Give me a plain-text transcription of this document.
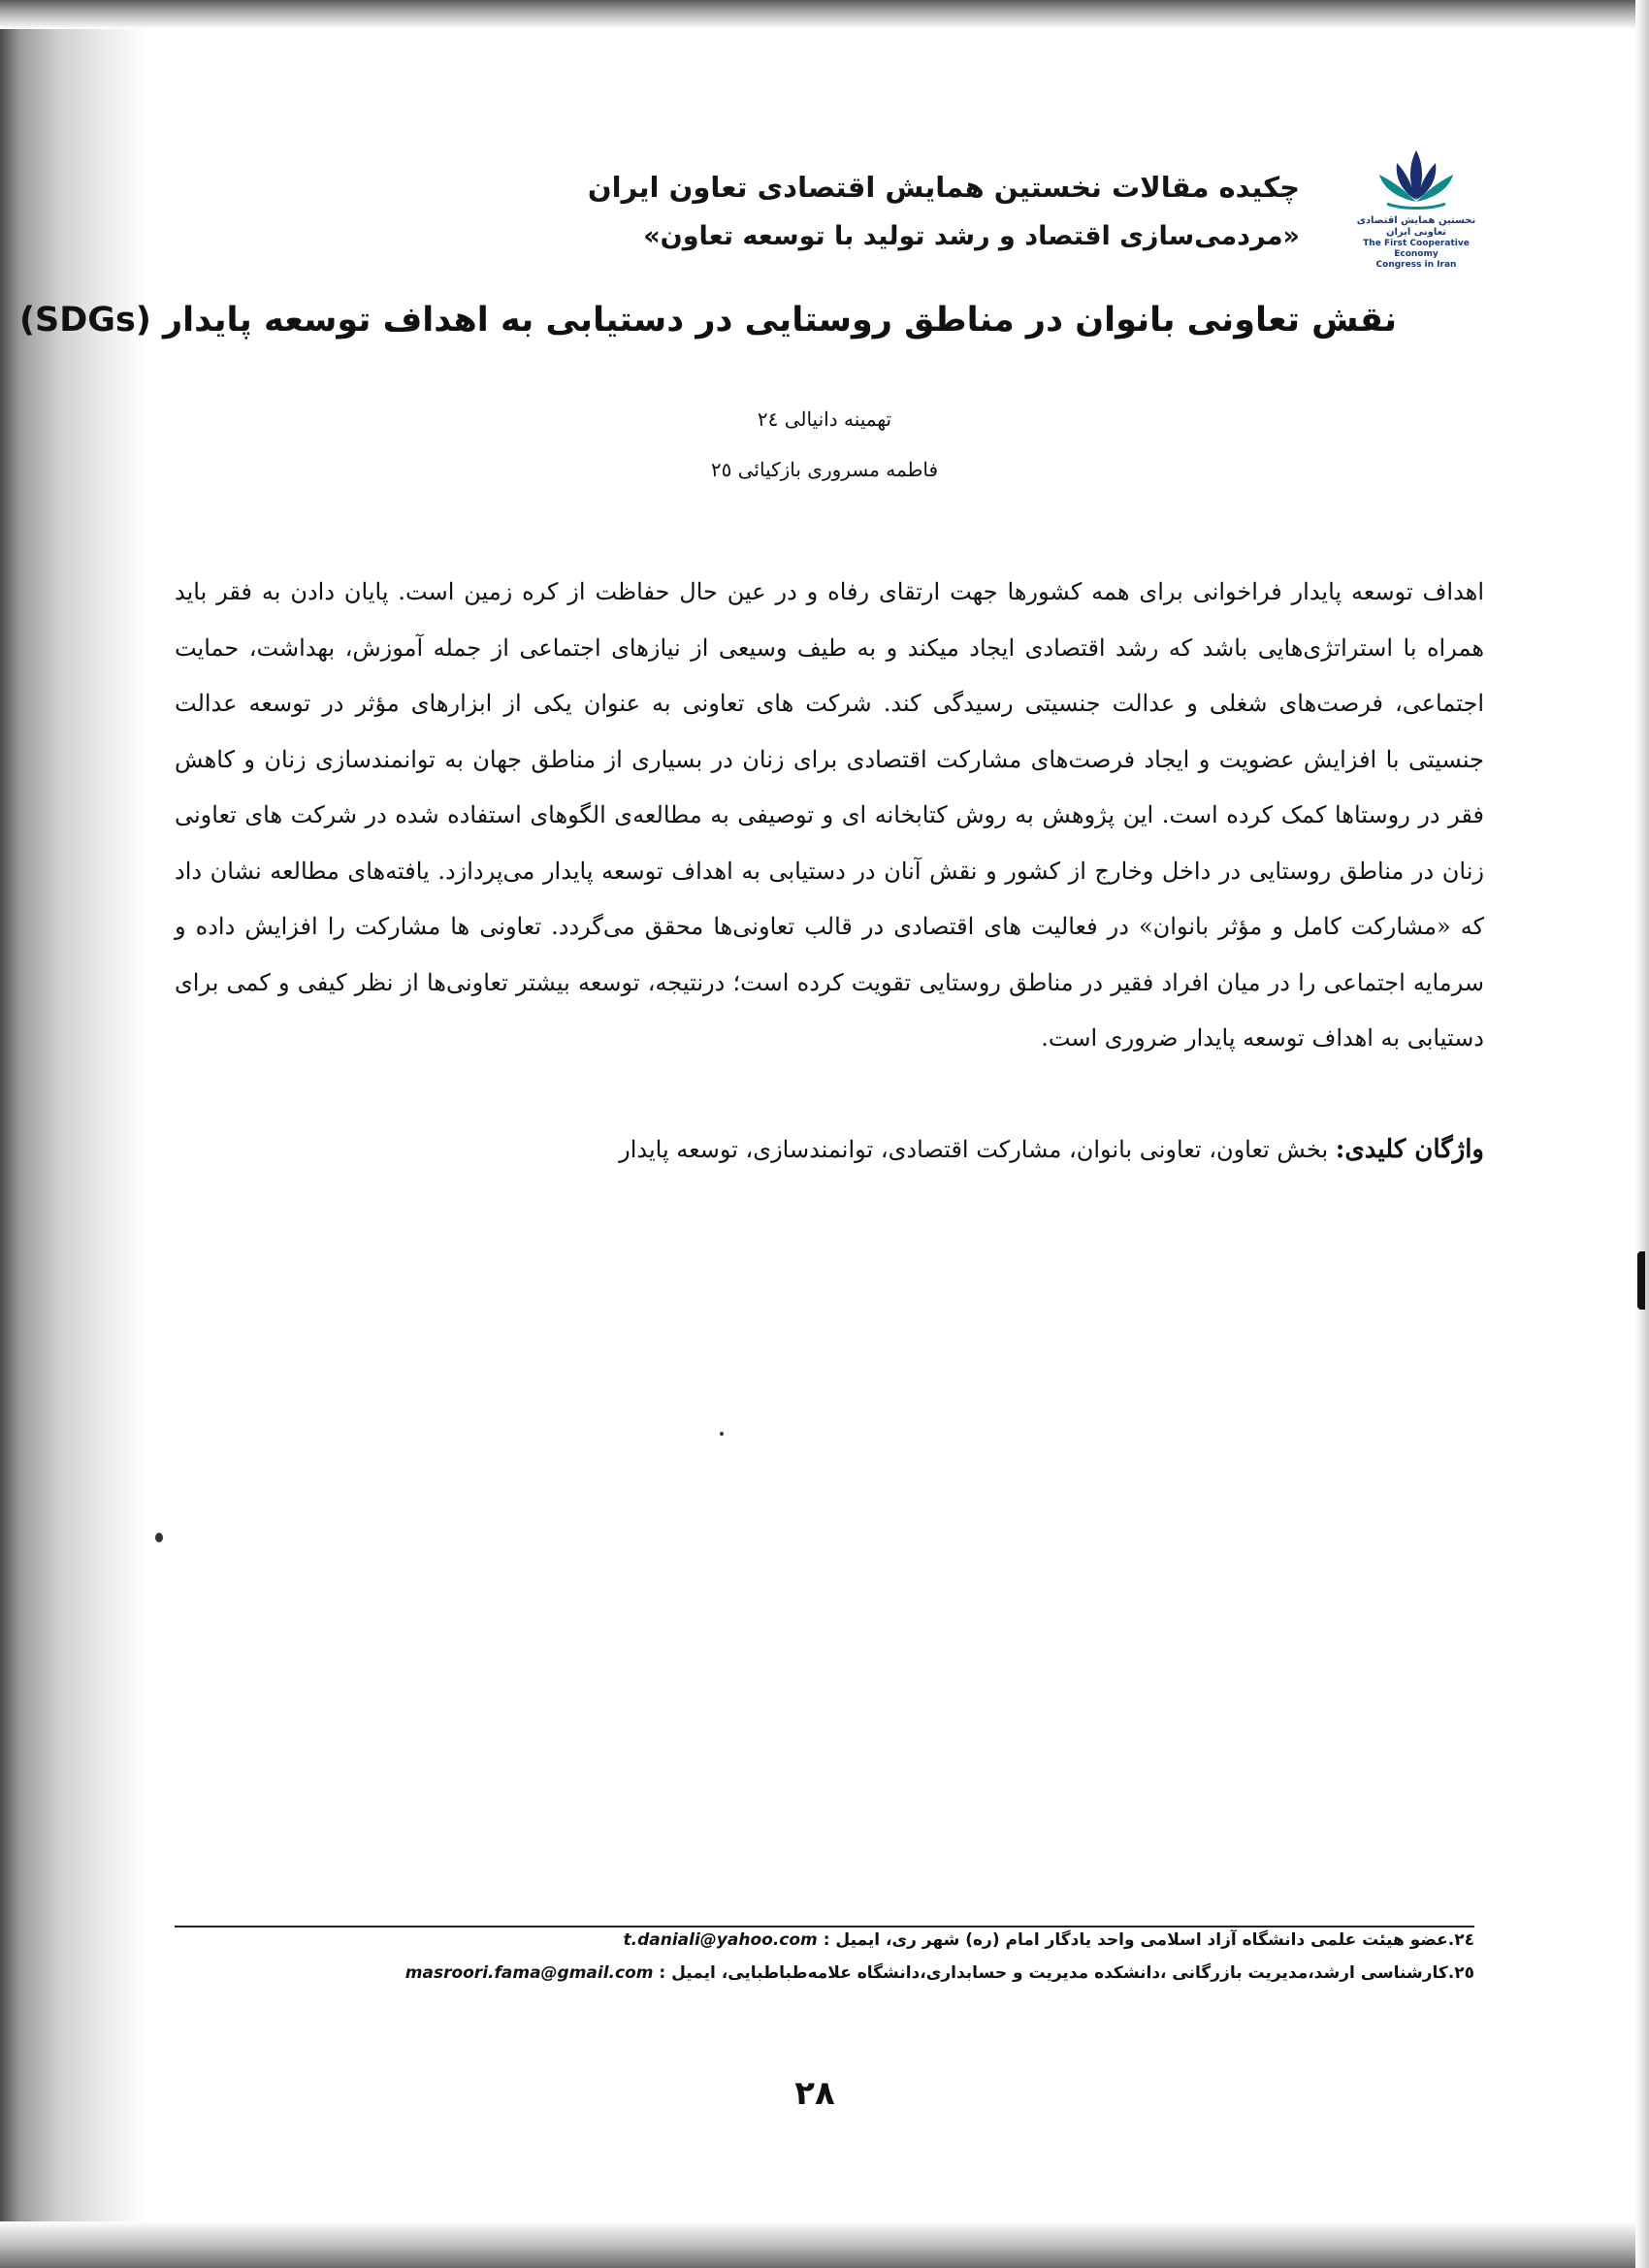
نخستین همایش اقتصادی تعاونی ایران
The First Cooperative Economy
Congress in Iran
چکیده مقالات نخستین همایش اقتصادی تعاون ایران
«مردمی‌سازی اقتصاد و رشد تولید با توسعه تعاون»
نقش تعاونی بانوان در مناطق روستایی در دستیابی به اهداف توسعه پایدار (SDGs)
تهمینه دانیالی ٢٤
فاطمه مسروری بازکیائی ٢٥
اهداف توسعه پایدار فراخوانی برای همه کشورها جهت ارتقای رفاه و در عین حال حفاظت از کره زمین است. پایان دادن به فقر باید همراه با استراتژی‌هایی باشد که رشد اقتصادی ایجاد میکند و به طیف وسیعی از نیازهای اجتماعی از جمله آموزش، بهداشت، حمایت اجتماعی، فرصت‌های شغلی و عدالت جنسیتی رسیدگی کند. شرکت های تعاونی به عنوان یکی از ابزارهای مؤثر در توسعه عدالت جنسیتی با افزایش عضویت و ایجاد فرصت‌های مشارکت اقتصادی برای زنان در بسیاری از مناطق جهان به توانمندسازی زنان و کاهش فقر در روستاها کمک کرده است. این پژوهش به روش کتابخانه ای و توصیفی به مطالعه‌ی الگوهای استفاده شده در شرکت های تعاونی زنان در مناطق روستایی در داخل وخارج از کشور و نقش آنان در دستیابی به اهداف توسعه پایدار می‌پردازد. یافته‌های مطالعه نشان داد که «مشارکت کامل و مؤثر بانوان» در فعالیت های اقتصادی در قالب تعاونی‌ها محقق می‌گردد. تعاونی ها مشارکت را افزایش داده و سرمایه اجتماعی را در میان افراد فقیر در مناطق روستایی تقویت کرده است؛ درنتیجه، توسعه بیشتر تعاونی‌ها از نظر کیفی و کمی برای دستیابی به اهداف توسعه پایدار ضروری است.
واژگان کلیدی: بخش تعاون، تعاونی بانوان، مشارکت اقتصادی، توانمندسازی، توسعه پایدار
٢٤.عضو هیئت علمی دانشگاه آزاد اسلامی واحد یادگار امام (ره) شهر ری، ایمیل : t.daniali@yahoo.com
٢٥.کارشناسی ارشد،مدیریت بازرگانی ،دانشکده مدیریت و حسابداری،دانشگاه علامه‌طباطبایی، ایمیل : masroori.fama@gmail.com
٢٨
